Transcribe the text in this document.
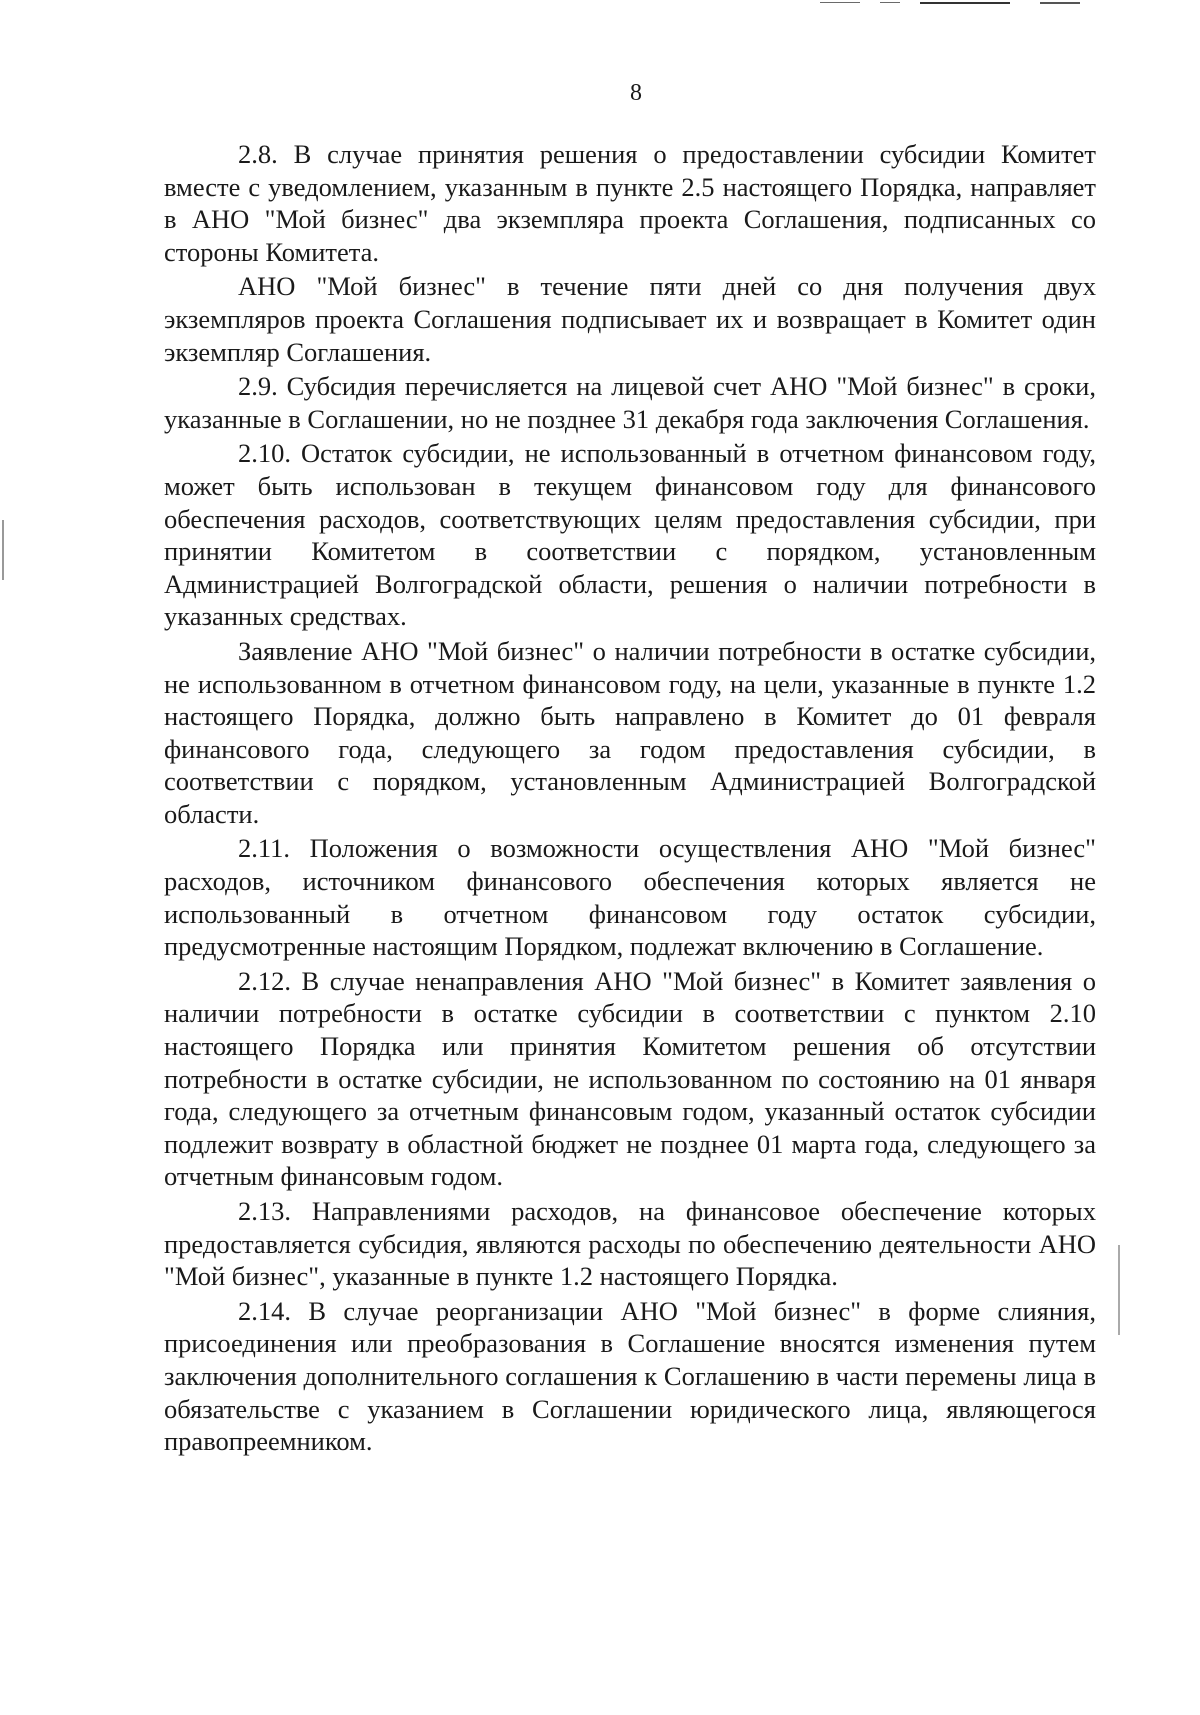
8

2.8. В случае принятия решения о предоставлении субсидии Комитет вместе с уведомлением, указанным в пункте 2.5 настоящего Порядка, направляет в АНО "Мой бизнес" два экземпляра проекта Соглашения, подписанных со стороны Комитета.

АНО "Мой бизнес" в течение пяти дней со дня получения двух экземпляров проекта Соглашения подписывает их и возвращает в Комитет один экземпляр Соглашения.

2.9. Субсидия перечисляется на лицевой счет АНО "Мой бизнес" в сроки, указанные в Соглашении, но не позднее 31 декабря года заключения Соглашения.

2.10. Остаток субсидии, не использованный в отчетном финансовом году, может быть использован в текущем финансовом году для финансового обеспечения расходов, соответствующих целям предоставления субсидии, при принятии Комитетом в соответствии с порядком, установленным Администрацией Волгоградской области, решения о наличии потребности в указанных средствах.

Заявление АНО "Мой бизнес" о наличии потребности в остатке субсидии, не использованном в отчетном финансовом году, на цели, указанные в пункте 1.2 настоящего Порядка, должно быть направлено в Комитет до 01 февраля финансового года, следующего за годом предоставления субсидии, в соответствии с порядком, установленным Администрацией Волгоградской области.

2.11. Положения о возможности осуществления АНО "Мой бизнес" расходов, источником финансового обеспечения которых является не использованный в отчетном финансовом году остаток субсидии, предусмотренные настоящим Порядком, подлежат включению в Соглашение.

2.12. В случае ненаправления АНО "Мой бизнес" в Комитет заявления о наличии потребности в остатке субсидии в соответствии с пунктом 2.10 настоящего Порядка или принятия Комитетом решения об отсутствии потребности в остатке субсидии, не использованном по состоянию на 01 января года, следующего за отчетным финансовым годом, указанный остаток субсидии подлежит возврату в областной бюджет не позднее 01 марта года, следующего за отчетным финансовым годом.

2.13. Направлениями расходов, на финансовое обеспечение которых предоставляется субсидия, являются расходы по обеспечению деятельности АНО "Мой бизнес", указанные в пункте 1.2 настоящего Порядка.

2.14. В случае реорганизации АНО "Мой бизнес" в форме слияния, присоединения или преобразования в Соглашение вносятся изменения путем заключения дополнительного соглашения к Соглашению в части перемены лица в обязательстве с указанием в Соглашении юридического лица, являющегося правопреемником.
